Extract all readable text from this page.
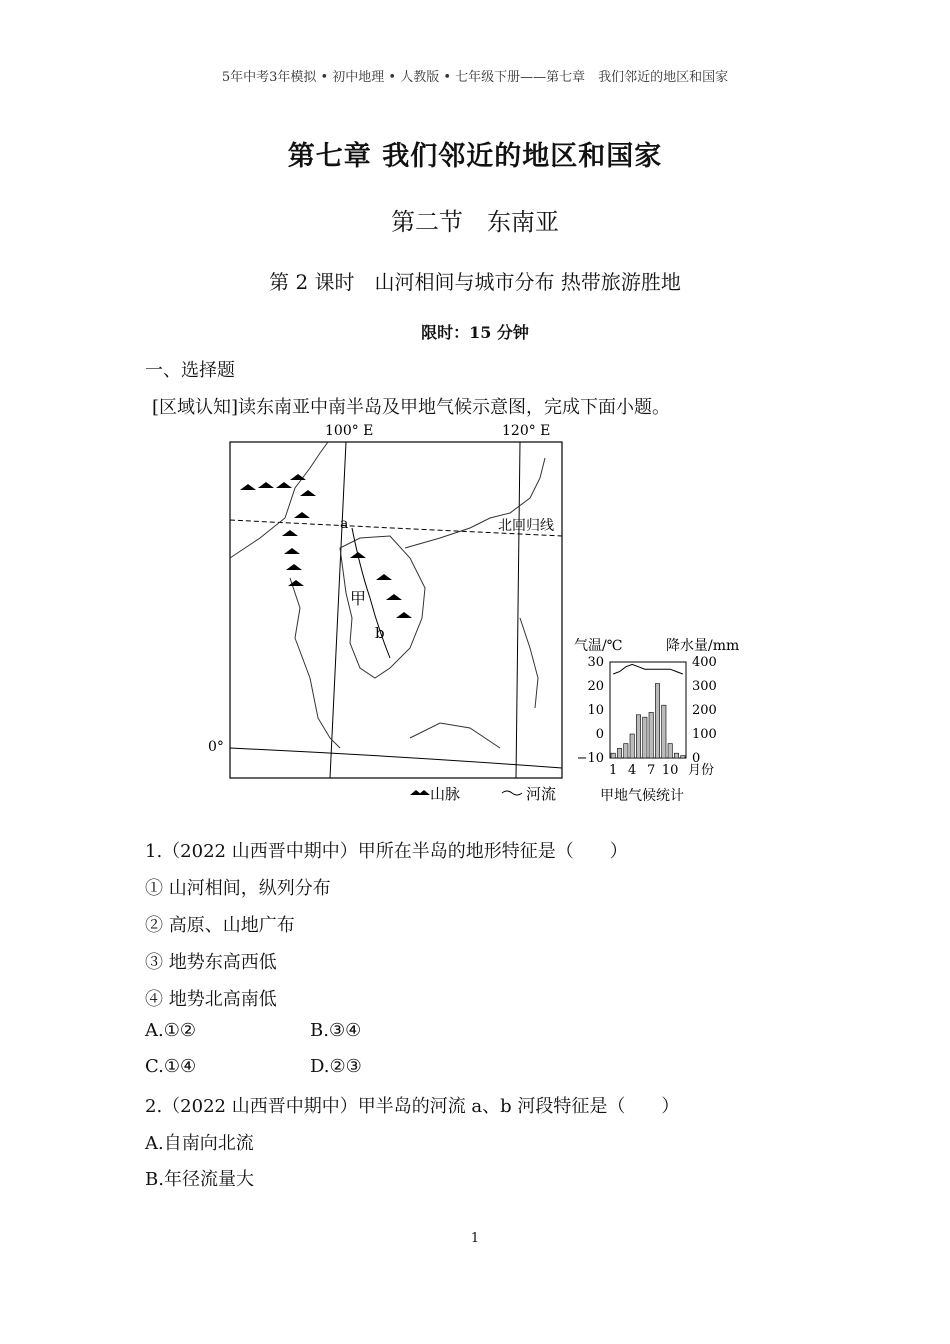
5年中考3年模拟 • 初中地理 • 人教版 • 七年级下册——第七章　我们邻近的地区和国家
第七章 我们邻近的地区和国家
第二节　东南亚
第 2 课时　山河相间与城市分布 热带旅游胜地
限时：15 分钟
一、选择题
[区域认知]读东南亚中南半岛及甲地气候示意图，完成下面小题。
100° E	120° E
北回归线
0°
a
b
甲
山脉	河流
气温/℃	降水量/mm
30
20
10
0
−10
400
300
200
100
0
1 4 7 10 月份
甲地气候统计
1.（2022 山西晋中期中）甲所在半岛的地形特征是（　　）
① 山河相间，纵列分布
② 高原、山地广布
③ 地势东高西低
④ 地势北高南低
A.①②	B.③④
C.①④	D.②③
2.（2022 山西晋中期中）甲半岛的河流 a、b 河段特征是（　　）
A.自南向北流
B.年径流量大
1
